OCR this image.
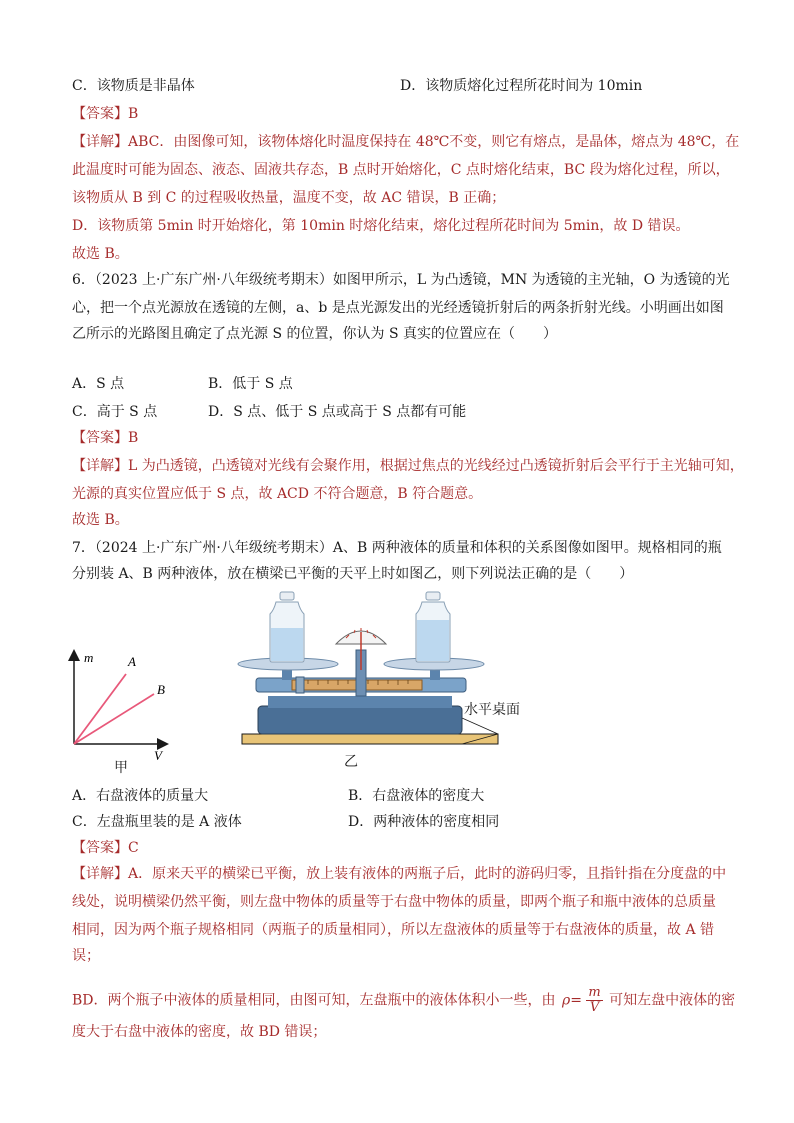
C．该物质是非晶体	D．该物质熔化过程所花时间为 10min
【答案】B
【详解】ABC．由图像可知，该物体熔化时温度保持在 48℃不变，则它有熔点，是晶体，熔点为 48℃，在
此温度时可能为固态、液态、固液共存态，B 点时开始熔化，C 点时熔化结束，BC 段为熔化过程，所以，
该物质从 B 到 C 的过程吸收热量，温度不变，故 AC 错误，B 正确；
D．该物质第 5min 时开始熔化，第 10min 时熔化结束，熔化过程所花时间为 5min，故 D 错误。
故选 B。
6．（2023 上·广东广州·八年级统考期末）如图甲所示，L 为凸透镜，MN 为透镜的主光轴，O 为透镜的光
心，把一个点光源放在透镜的左侧，a、b 是点光源发出的光经透镜折射后的两条折射光线。小明画出如图
乙所示的光路图且确定了点光源 S 的位置，你认为 S 真实的位置应在（　　）
A．S 点	B．低于 S 点
C．高于 S 点	D．S 点、低于 S 点或高于 S 点都有可能
【答案】B
【详解】L 为凸透镜，凸透镜对光线有会聚作用，根据过焦点的光线经过凸透镜折射后会平行于主光轴可知，
光源的真实位置应低于 S 点，故 ACD 不符合题意，B 符合题意。
故选 B。
7．（2024 上·广东广州·八年级统考期末）A、B 两种液体的质量和体积的关系图像如图甲。规格相同的瓶
分别装 A、B 两种液体，放在横梁已平衡的天平上时如图乙，则下列说法正确的是（　　）
m	A
B
V
甲
水平桌面
乙
A．右盘液体的质量大	B．右盘液体的密度大
C．左盘瓶里装的是 A 液体	D．两种液体的密度相同
【答案】C
【详解】A．原来天平的横梁已平衡，放上装有液体的两瓶子后，此时的游码归零，且指针指在分度盘的中
线处，说明横梁仍然平衡，则左盘中物体的质量等于右盘中物体的质量，即两个瓶子和瓶中液体的总质量
相同，因为两个瓶子规格相同（两瓶子的质量相同），所以左盘液体的质量等于右盘液体的质量，故 A 错
误；
BD．两个瓶子中液体的质量相同，由图可知，左盘瓶中的液体体积小一些，由 $\rho= \frac{m}{V}$ 可知左盘中液体的密
度大于右盘中液体的密度，故 BD 错误；
